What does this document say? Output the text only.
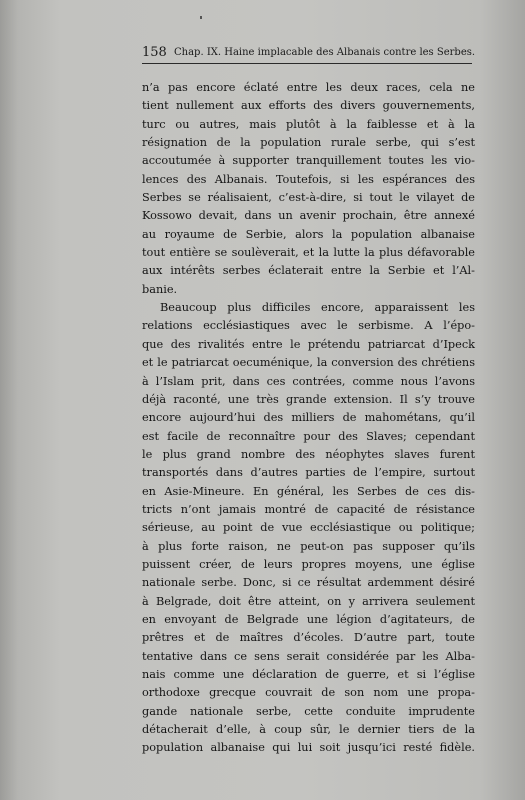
158 Chap. IX. Haine implacable des Albanais contre les Serbes.
n’a pas encore éclaté entre les deux races, cela ne
tient nullement aux efforts des divers gouvernements,
turc ou autres, mais plutôt à la faiblesse et à la
résignation de la population rurale serbe, qui s’est
accoutumée à supporter tranquillement toutes les vio-
lences des Albanais. Toutefois, si les espérances des
Serbes se réalisaient, c’est-à-dire, si tout le vilayet de
Kossowo devait, dans un avenir prochain, être annexé
au royaume de Serbie, alors la population albanaise
tout entière se soulèverait, et la lutte la plus défavorable
aux intérêts serbes éclaterait entre la Serbie et l’Al-
banie.
Beaucoup plus difficiles encore, apparaissent les
relations ecclésiastiques avec le serbisme. A l’épo-
que des rivalités entre le prétendu patriarcat d’Ipeck
et le patriarcat oecuménique, la conversion des chrétiens
à l’Islam prit, dans ces contrées, comme nous l’avons
déjà raconté, une très grande extension. Il s’y trouve
encore aujourd’hui des milliers de mahométans, qu’il
est facile de reconnaître pour des Slaves; cependant
le plus grand nombre des néophytes slaves furent
transportés dans d’autres parties de l’empire, surtout
en Asie-Mineure. En général, les Serbes de ces dis-
tricts n’ont jamais montré de capacité de résistance
sérieuse, au point de vue ecclésiastique ou politique;
à plus forte raison, ne peut-on pas supposer qu’ils
puissent créer, de leurs propres moyens, une église
nationale serbe. Donc, si ce résultat ardemment désiré
à Belgrade, doit être atteint, on y arrivera seulement
en envoyant de Belgrade une légion d’agitateurs, de
prêtres et de maîtres d’écoles. D’autre part, toute
tentative dans ce sens serait considérée par les Alba-
nais comme une déclaration de guerre, et si l’église
orthodoxe grecque couvrait de son nom une propa-
gande nationale serbe, cette conduite imprudente
détacherait d’elle, à coup sûr, le dernier tiers de la
population albanaise qui lui soit jusqu’ici resté fidèle.
